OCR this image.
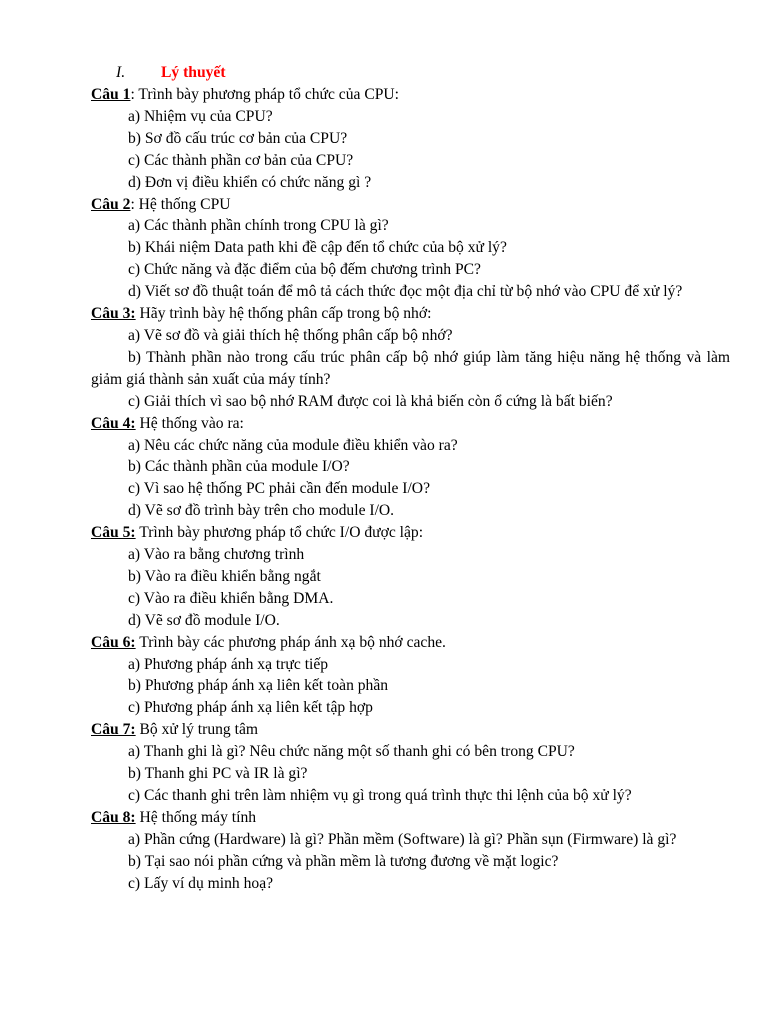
I. Lý thuyết
Câu 1: Trình bày phương pháp tổ chức của CPU:
a) Nhiệm vụ của CPU?
b) Sơ đồ cấu trúc cơ bản của CPU?
c) Các thành phần cơ bản của CPU?
d) Đơn vị điều khiển có chức năng gì ?
Câu 2: Hệ thống CPU
a) Các thành phần chính trong CPU là gì?
b) Khái niệm Data path khi đề cập đến tổ chức của bộ xử lý?
c) Chức năng và đặc điểm của bộ đếm chương trình PC?
d) Viết sơ đồ thuật toán để mô tả cách thức đọc một địa chỉ từ bộ nhớ vào CPU để xử lý?
Câu 3: Hãy trình bày hệ thống phân cấp trong bộ nhớ:
a) Vẽ sơ đồ và giải thích hệ thống phân cấp bộ nhớ?
b) Thành phần nào trong cấu trúc phân cấp bộ nhớ giúp làm tăng hiệu năng hệ thống và làm giảm giá thành sản xuất của máy tính?
c) Giải thích vì sao bộ nhớ RAM được coi là khả biến còn ổ cứng là bất biến?
Câu 4: Hệ thống vào ra:
a) Nêu các chức năng của module điều khiển vào ra?
b) Các thành phần của module I/O?
c) Vì sao hệ thống PC phải cần đến module I/O?
d) Vẽ sơ đồ trình bày trên cho module I/O.
Câu 5: Trình bày phương pháp tổ chức I/O được lập:
a) Vào ra bằng chương trình
b) Vào ra điều khiển bằng ngắt
c) Vào ra điều khiển bằng DMA.
d) Vẽ sơ đồ module I/O.
Câu 6: Trình bày các phương pháp ánh xạ bộ nhớ cache.
a) Phương pháp ánh xạ trực tiếp
b) Phương pháp ánh xạ liên kết toàn phần
c) Phương pháp ánh xạ liên kết tập hợp
Câu 7: Bộ xử lý trung tâm
a) Thanh ghi là gì? Nêu chức năng một số thanh ghi có bên trong CPU?
b) Thanh ghi PC và IR là gì?
c) Các thanh ghi trên làm nhiệm vụ gì trong quá trình thực thi lệnh của bộ xử lý?
Câu 8: Hệ thống máy tính
a) Phần cứng (Hardware) là gì? Phần mềm (Software) là gì? Phần sụn (Firmware) là gì?
b) Tại sao nói phần cứng và phần mềm là tương đương về mặt logic?
c) Lấy ví dụ minh hoạ?
